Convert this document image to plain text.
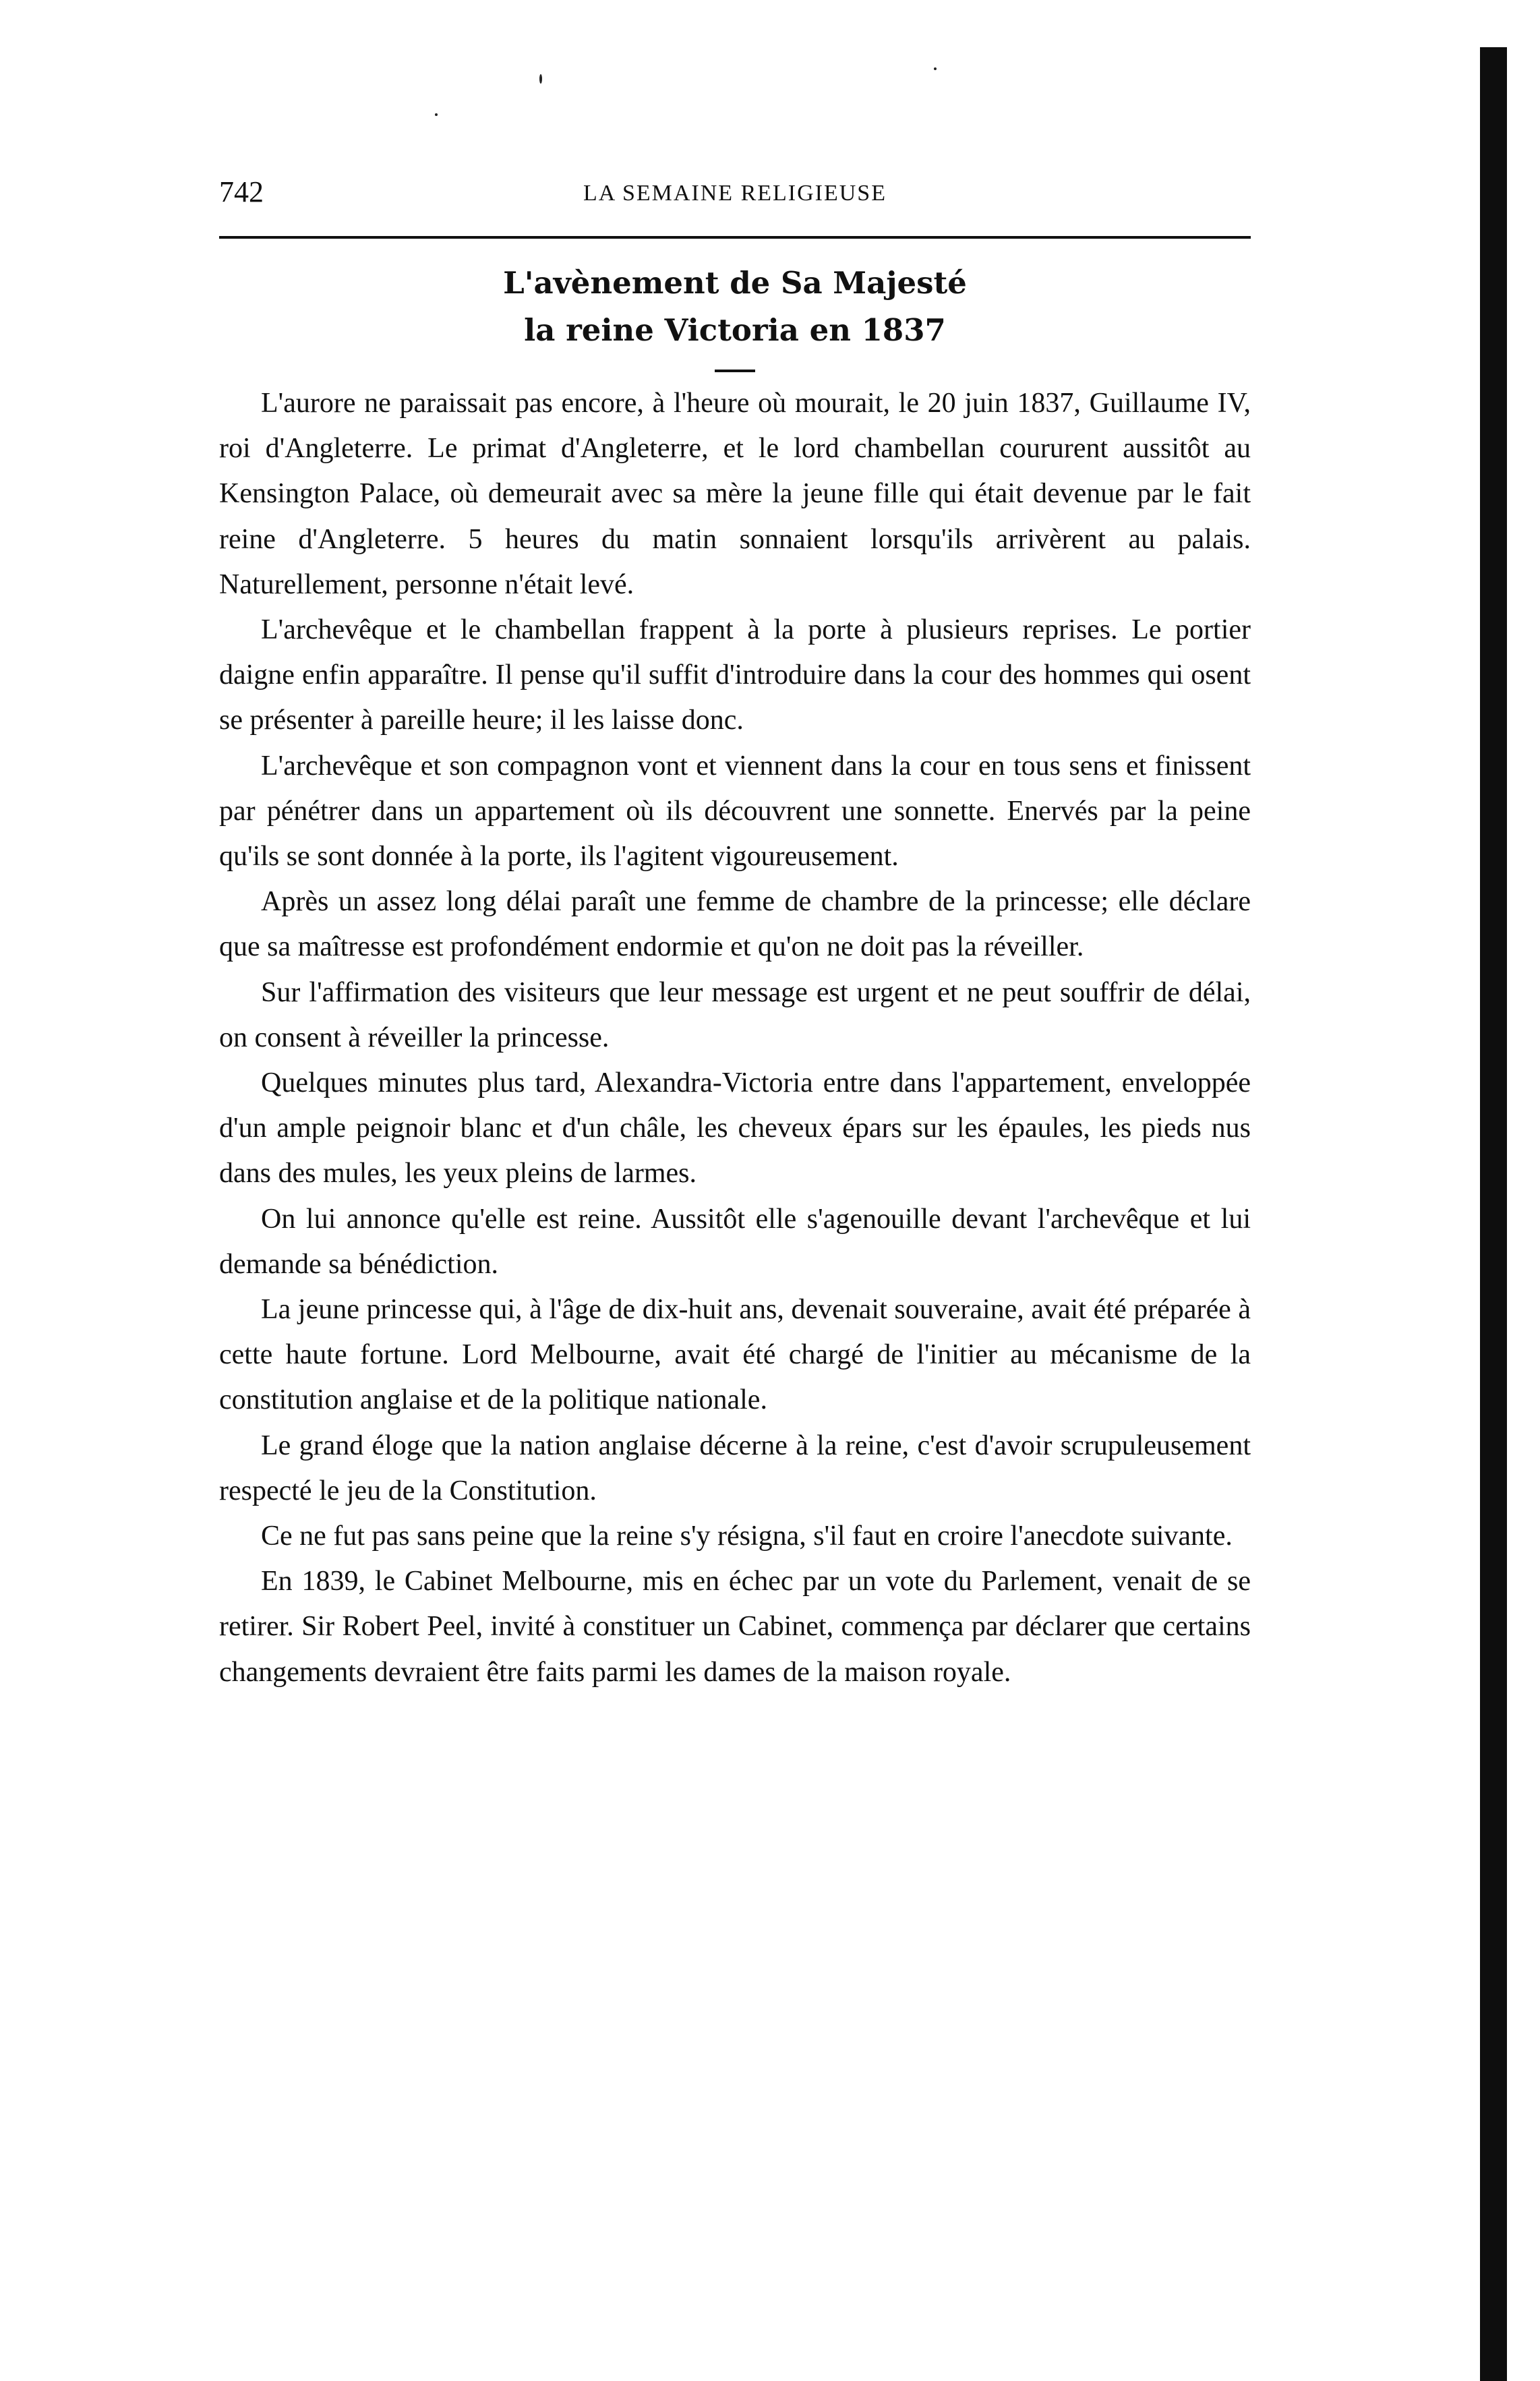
742	LA SEMAINE RELIGIEUSE
L'avènement de Sa Majesté
la reine Victoria en 1837

L'aurore ne paraissait pas encore, à l'heure où mourait, le 20 juin 1837, Guillaume IV, roi d'Angleterre. Le primat d'Angleterre, et le lord chambellan coururent aussitôt au Kensington Palace, où demeurait avec sa mère la jeune fille qui était devenue par le fait reine d'Angleterre. 5 heures du matin sonnaient lorsqu'ils arrivèrent au palais. Naturellement, personne n'était levé.

L'archevêque et le chambellan frappent à la porte à plusieurs reprises. Le portier daigne enfin apparaître. Il pense qu'il suffit d'introduire dans la cour des hommes qui osent se présenter à pareille heure; il les laisse donc.

L'archevêque et son compagnon vont et viennent dans la cour en tous sens et finissent par pénétrer dans un appartement où ils découvrent une sonnette. Enervés par la peine qu'ils se sont donnée à la porte, ils l'agitent vigoureusement.

Après un assez long délai paraît une femme de chambre de la princesse; elle déclare que sa maîtresse est profondément endormie et qu'on ne doit pas la réveiller.

Sur l'affirmation des visiteurs que leur message est urgent et ne peut souffrir de délai, on consent à réveiller la princesse.

Quelques minutes plus tard, Alexandra-Victoria entre dans l'appartement, enveloppée d'un ample peignoir blanc et d'un châle, les cheveux épars sur les épaules, les pieds nus dans des mules, les yeux pleins de larmes.

On lui annonce qu'elle est reine. Aussitôt elle s'agenouille devant l'archevêque et lui demande sa bénédiction.

La jeune princesse qui, à l'âge de dix-huit ans, devenait souveraine, avait été préparée à cette haute fortune. Lord Melbourne, avait été chargé de l'initier au mécanisme de la constitution anglaise et de la politique nationale.

Le grand éloge que la nation anglaise décerne à la reine, c'est d'avoir scrupuleusement respecté le jeu de la Constitution.

Ce ne fut pas sans peine que la reine s'y résigna, s'il faut en croire l'anecdote suivante.

En 1839, le Cabinet Melbourne, mis en échec par un vote du Parlement, venait de se retirer. Sir Robert Peel, invité à constituer un Cabinet, commença par déclarer que certains changements devraient être faits parmi les dames de la maison royale.
